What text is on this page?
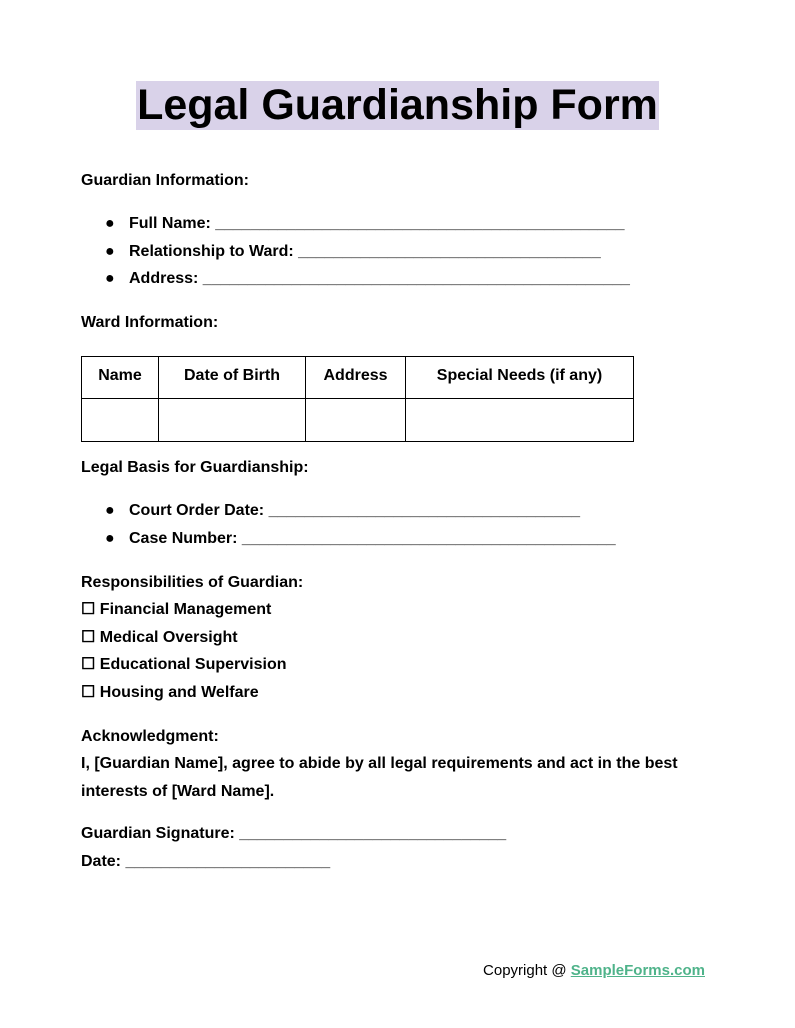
Legal Guardianship Form
Guardian Information:
● Full Name: ______________________________________________
● Relationship to Ward: __________________________________
● Address: ________________________________________________
Ward Information:
Name	Date of Birth	Address	Special Needs (if any)

Legal Basis for Guardianship:
● Court Order Date: ___________________________________
● Case Number: __________________________________________
Responsibilities of Guardian:
☐ Financial Management
☐ Medical Oversight
☐ Educational Supervision
☐ Housing and Welfare
Acknowledgment:
I, [Guardian Name], agree to abide by all legal requirements and act in the best interests of [Ward Name].
Guardian Signature: ______________________________
Date: _______________________
Copyright @ SampleForms.com
